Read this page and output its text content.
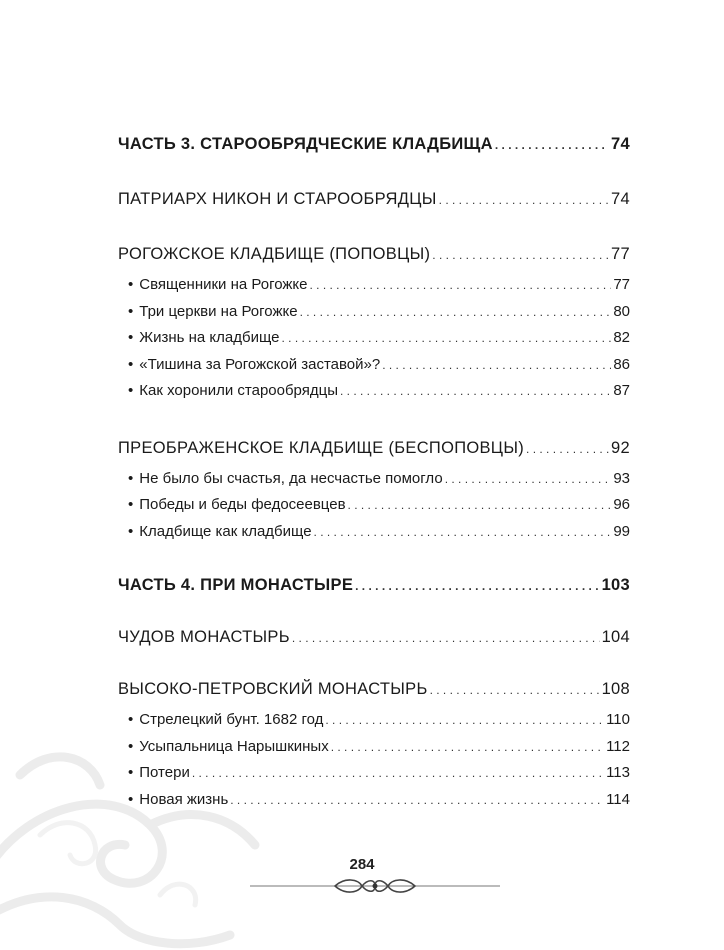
ЧАСТЬ 3. СТАРООБРЯДЧЕСКИЕ КЛАДБИЩА . . .	74
ПАТРИАРХ НИКОН И СТАРООБРЯДЦЫ . . .	74
РОГОЖСКОЕ КЛАДБИЩЕ (ПОПОВЦЫ) . . .	77
• Священники на Рогожке . . .	77
• Три церкви на Рогожке . . .	80
• Жизнь на кладбище . . .	82
• «Тишина за Рогожской заставой»? . . .	86
• Как хоронили старообрядцы . . .	87
ПРЕОБРАЖЕНСКОЕ КЛАДБИЩЕ (БЕСПОПОВЦЫ) . . .	92
• Не было бы счастья, да несчастье помогло . . .	93
• Победы и беды федосеевцев . . .	96
• Кладбище как кладбище . . .	99
ЧАСТЬ 4. ПРИ МОНАСТЫРЕ . . .	103
ЧУДОВ МОНАСТЫРЬ . . .	104
ВЫСОКО-ПЕТРОВСКИЙ МОНАСТЫРЬ . . .	108
• Стрелецкий бунт. 1682 год . . .	110
• Усыпальница Нарышкиных . . .	112
• Потери . . .	113
• Новая жизнь . . .	114
284
